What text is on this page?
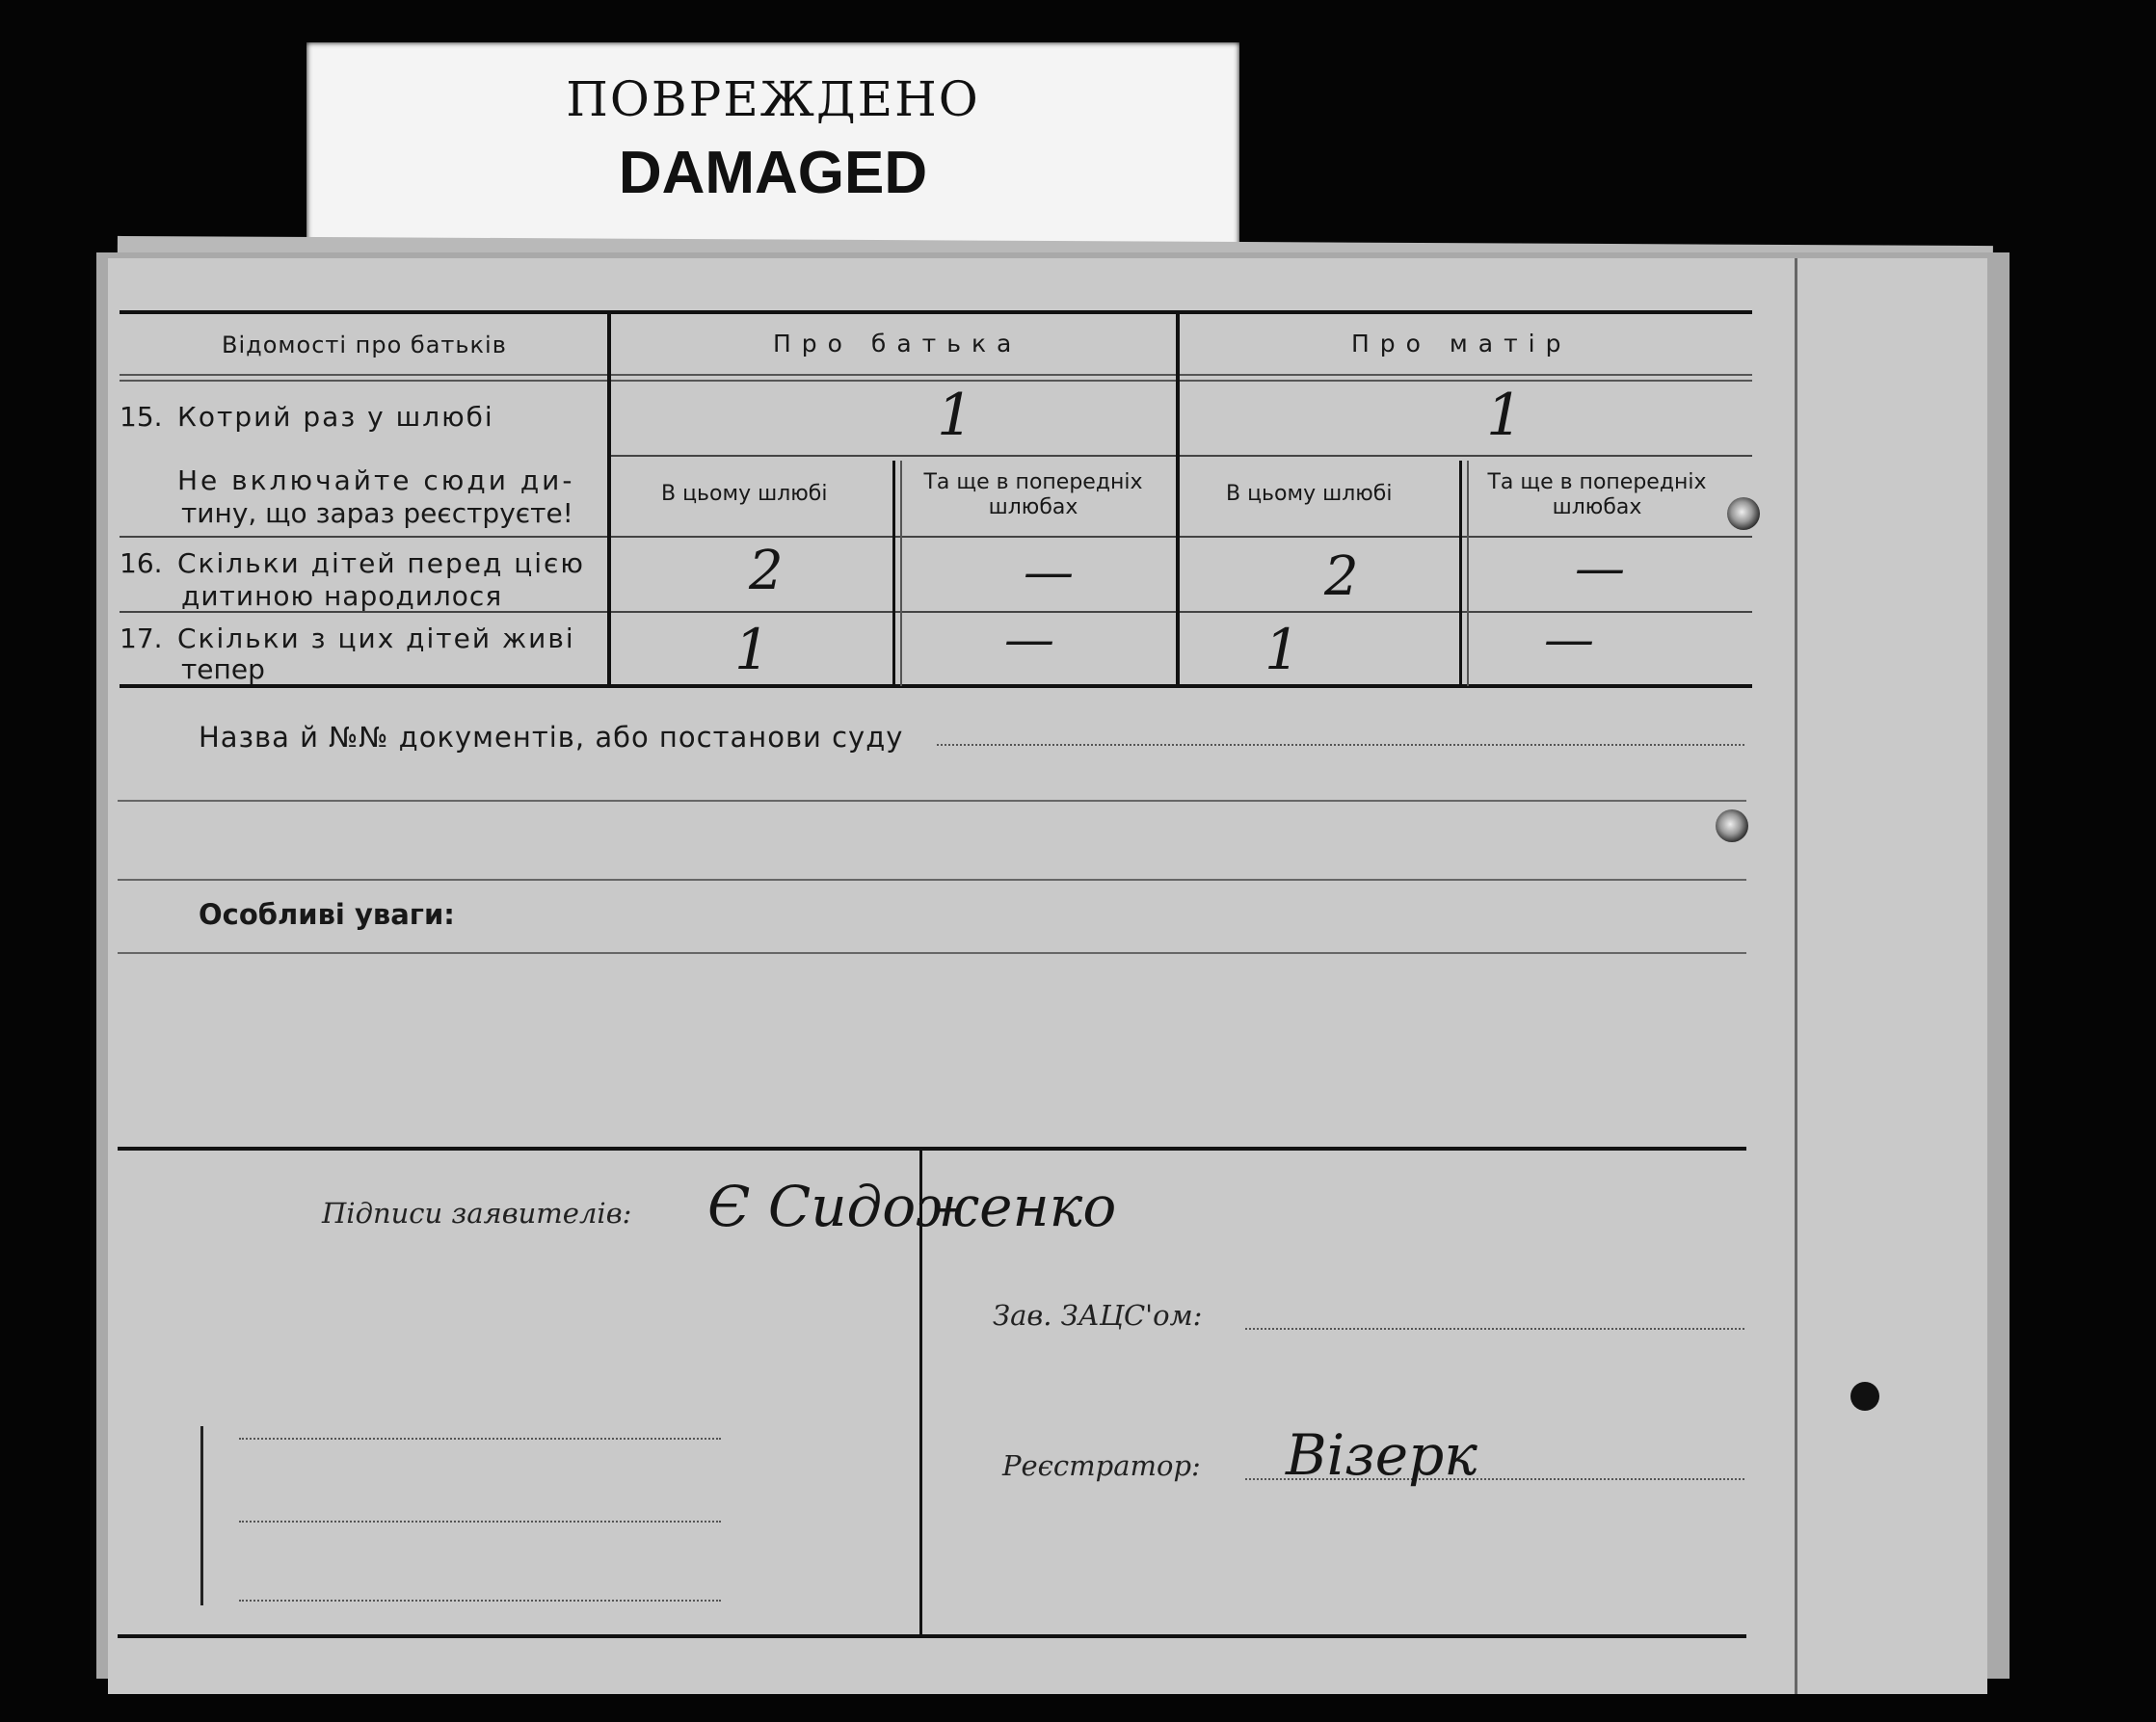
ПОВРЕЖДЕНО
DAMAGED
Відомості про батьків	Про батька	Про матір
15. Котрий раз у шлюбі	1	1
Не включайте сюди ди-
тину, що зараз реєструєте!
В цьому шлюбі	Та ще в попередніх
шлюбах
В цьому шлюбі	Та ще в попередніх
шлюбах
16. Скільки дітей перед цією
дитиною народилося	2	—	2	—
17. Скільки з цих дітей живі
тепер	1	—	1	—
Назва й №№ документів, або постанови суду
Особливі уваги:
Підписи заявителів: Є Сидоженко
Зав. ЗАЦС'ом:
Реєстратор: Візерк
